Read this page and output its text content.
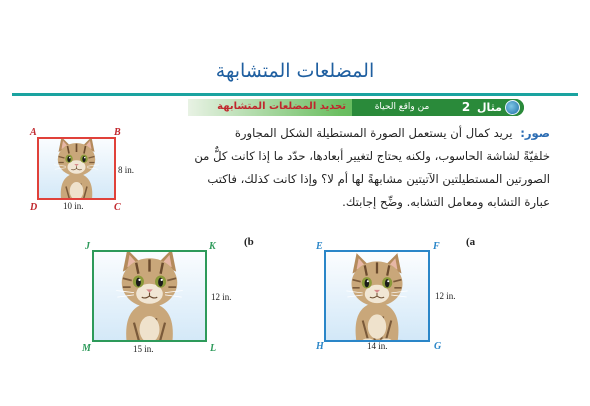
المضلعات المتشابهة
مثال 2
من واقع الحياة
تحديد المضلعات المتشابهة
صور: يريد كمال أن يستعمل الصورة المستطيلة الشكل المجاورة
خلفيّةً لشاشة الحاسوب، ولكنه يحتاج لتغيير أبعادها، حدّد ما إذا كانت كلٌّ من
الصورتين المستطيلتين الآتيتين مشابهةً لها أم لا؟ وإذا كانت كذلك، فاكتب
عبارة التشابه ومعامل التشابه. وضِّح إجابتك.
A	B
C
D
8 in.
10 in.
(b
J	K
L
M
12 in.
15 in.
(a
E	F
G
H
12 in.
14 in.
